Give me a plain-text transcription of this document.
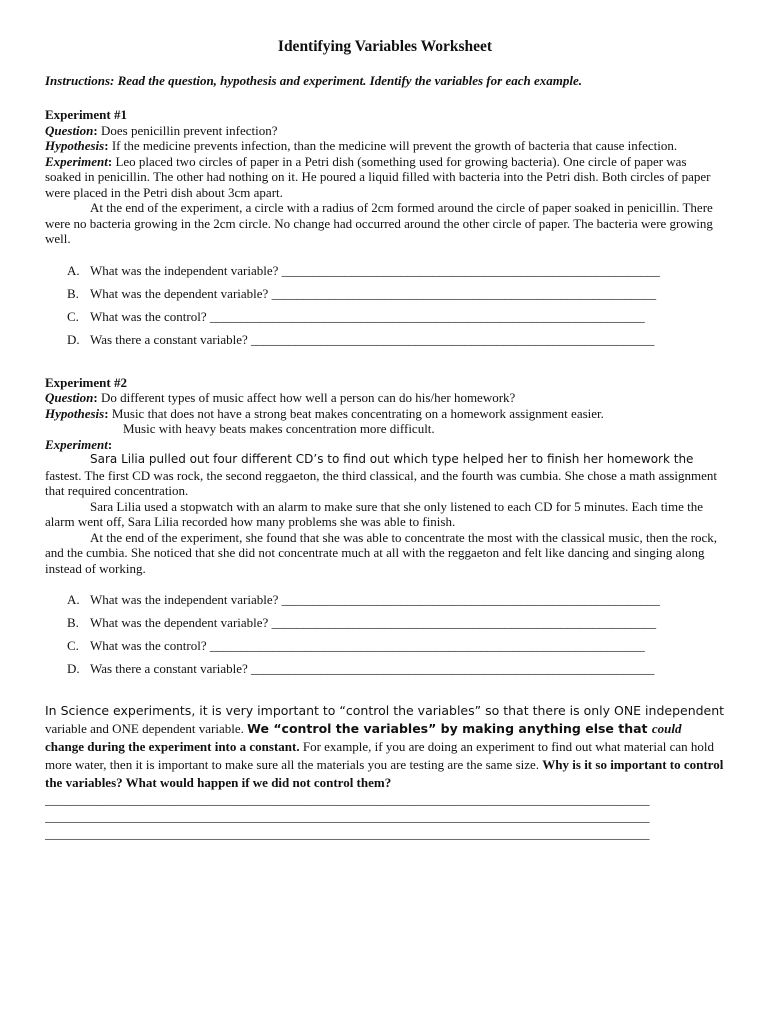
Identifying Variables Worksheet

Instructions: Read the question, hypothesis and experiment. Identify the variables for each example.

Experiment #1
Question: Does penicillin prevent infection?
Hypothesis: If the medicine prevents infection, than the medicine will prevent the growth of bacteria that cause infection.
Experiment: Leo placed two circles of paper in a Petri dish (something used for growing bacteria). One circle of paper was soaked in penicillin. The other had nothing on it. He poured a liquid filled with bacteria into the Petri dish. Both circles of paper were placed in the Petri dish about 3cm apart.
At the end of the experiment, a circle with a radius of 2cm formed around the circle of paper soaked in penicillin. There were no bacteria growing in the 2cm circle. No change had occurred around the other circle of paper. The bacteria were growing well.
A. What was the independent variable? ____________________________________________________________
B. What was the dependent variable? _____________________________________________________________
C. What was the control? _____________________________________________________________________
D. Was there a constant variable? ________________________________________________________________
Experiment #2
Question: Do different types of music affect how well a person can do his/her homework?
Hypothesis: Music that does not have a strong beat makes concentrating on a homework assignment easier.
Music with heavy beats makes concentration more difficult.
Experiment:
Sara Lilia pulled out four different CD’s to find out which type helped her to finish her homework the
fastest. The first CD was rock, the second reggaeton, the third classical, and the fourth was cumbia. She chose a math assignment that required concentration.
Sara Lilia used a stopwatch with an alarm to make sure that she only listened to each CD for 5 minutes. Each time the alarm went off, Sara Lilia recorded how many problems she was able to finish.
At the end of the experiment, she found that she was able to concentrate the most with the classical music, then the rock, and the cumbia. She noticed that she did not concentrate much at all with the reggaeton and felt like dancing and singing along instead of working.
A. What was the independent variable? ____________________________________________________________
B. What was the dependent variable? _____________________________________________________________
C. What was the control? _____________________________________________________________________
D. Was there a constant variable? ________________________________________________________________
In Science experiments, it is very important to “control the variables” so that there is only ONE independent
variable and ONE dependent variable. We “control the variables” by making anything else that could
change during the experiment into a constant. For example, if you are doing an experiment to find out what material can hold more water, then it is important to make sure all the materials you are testing are the same size. Why is it so important to control the variables? What would happen if we did not control them?
_____________________________________________________________________________________________
_____________________________________________________________________________________________
_____________________________________________________________________________________________
